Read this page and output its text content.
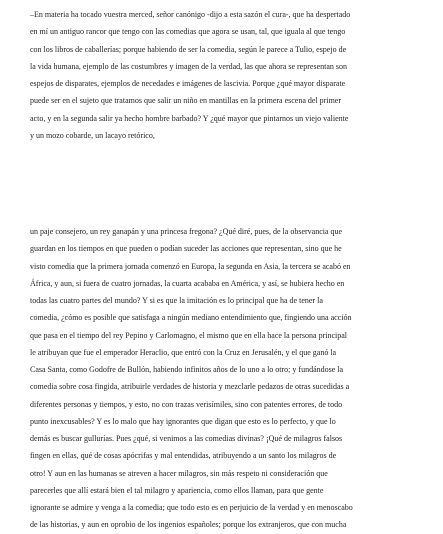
–En materia ha tocado vuestra merced, señor canónigo -dijo a esta sazón el cura-, que ha despertado
en mí un antiguo rancor que tengo con las comedias que agora se usan, tal, que iguala al que tengo
con los libros de caballerías; porque habiendo de ser la comedia, según le parece a Tulio, espejo de
la vida humana, ejemplo de las costumbres y imagen de la verdad, las que ahora se representan son
espejos de disparates, ejemplos de necedades e imágenes de lascivia. Porque ¿qué mayor disparate
puede ser en el sujeto que tratamos que salir un niño en mantillas en la primera escena del primer
acto, y en la segunda salir ya hecho hombre barbado? Y ¿qué mayor que pintarnos un viejo valiente
y un mozo cobarde, un lacayo retórico,
un paje consejero, un rey ganapán y una princesa fregona? ¿Qué diré, pues, de la observancia que
guardan en los tiempos en que pueden o podían suceder las acciones que representan, sino que he
visto comedia que la primera jornada comenzó en Europa, la segunda en Asia, la tercera se acabó en
África, y aun, si fuera de cuatro jornadas, la cuarta acababa en América, y así, se hubiera hecho en
todas las cuatro partes del mundo? Y si es que la imitación es lo principal que ha de tener la
comedia, ¿cómo es posible que satisfaga a ningún mediano entendimiento que, fingiendo una acción
que pasa en el tiempo del rey Pepino y Carlomagno, el mismo que en ella hace la persona principal
le atribuyan que fue el emperador Heraclio, que entró con la Cruz en Jerusalén, y el que ganó la
Casa Santa, como Godofre de Bullón, habiendo infinitos años de lo uno a lo otro; y fundándose la
comedia sobre cosa fingida, atribuirle verdades de historia y mezclarle pedazos de otras sucedidas a
diferentes personas y tiempos, y esto, no con trazas verisímiles, sino con patentes errores, de todo
punto inexcusables? Y es lo malo que hay ignorantes que digan que esto es lo perfecto, y que lo
demás es buscar gullurías. Pues ¿qué, si venimos a las comedias divinas? ¡Qué de milagros falsos
fingen en ellas, qué de cosas apócrifas y mal entendidas, atribuyendo a un santo los milagros de
otro! Y aun en las humanas se atreven a hacer milagros, sin más respeto ni consideración que
parecerles que allí estará bien el tal milagro y apariencia, como ellos llaman, para que gente
ignorante se admire y venga a la comedia; que todo esto es en perjuicio de la verdad y en menoscabo
de las historias, y aun en oprobio de los ingenios españoles; porque los extranjeros, que con mucha
